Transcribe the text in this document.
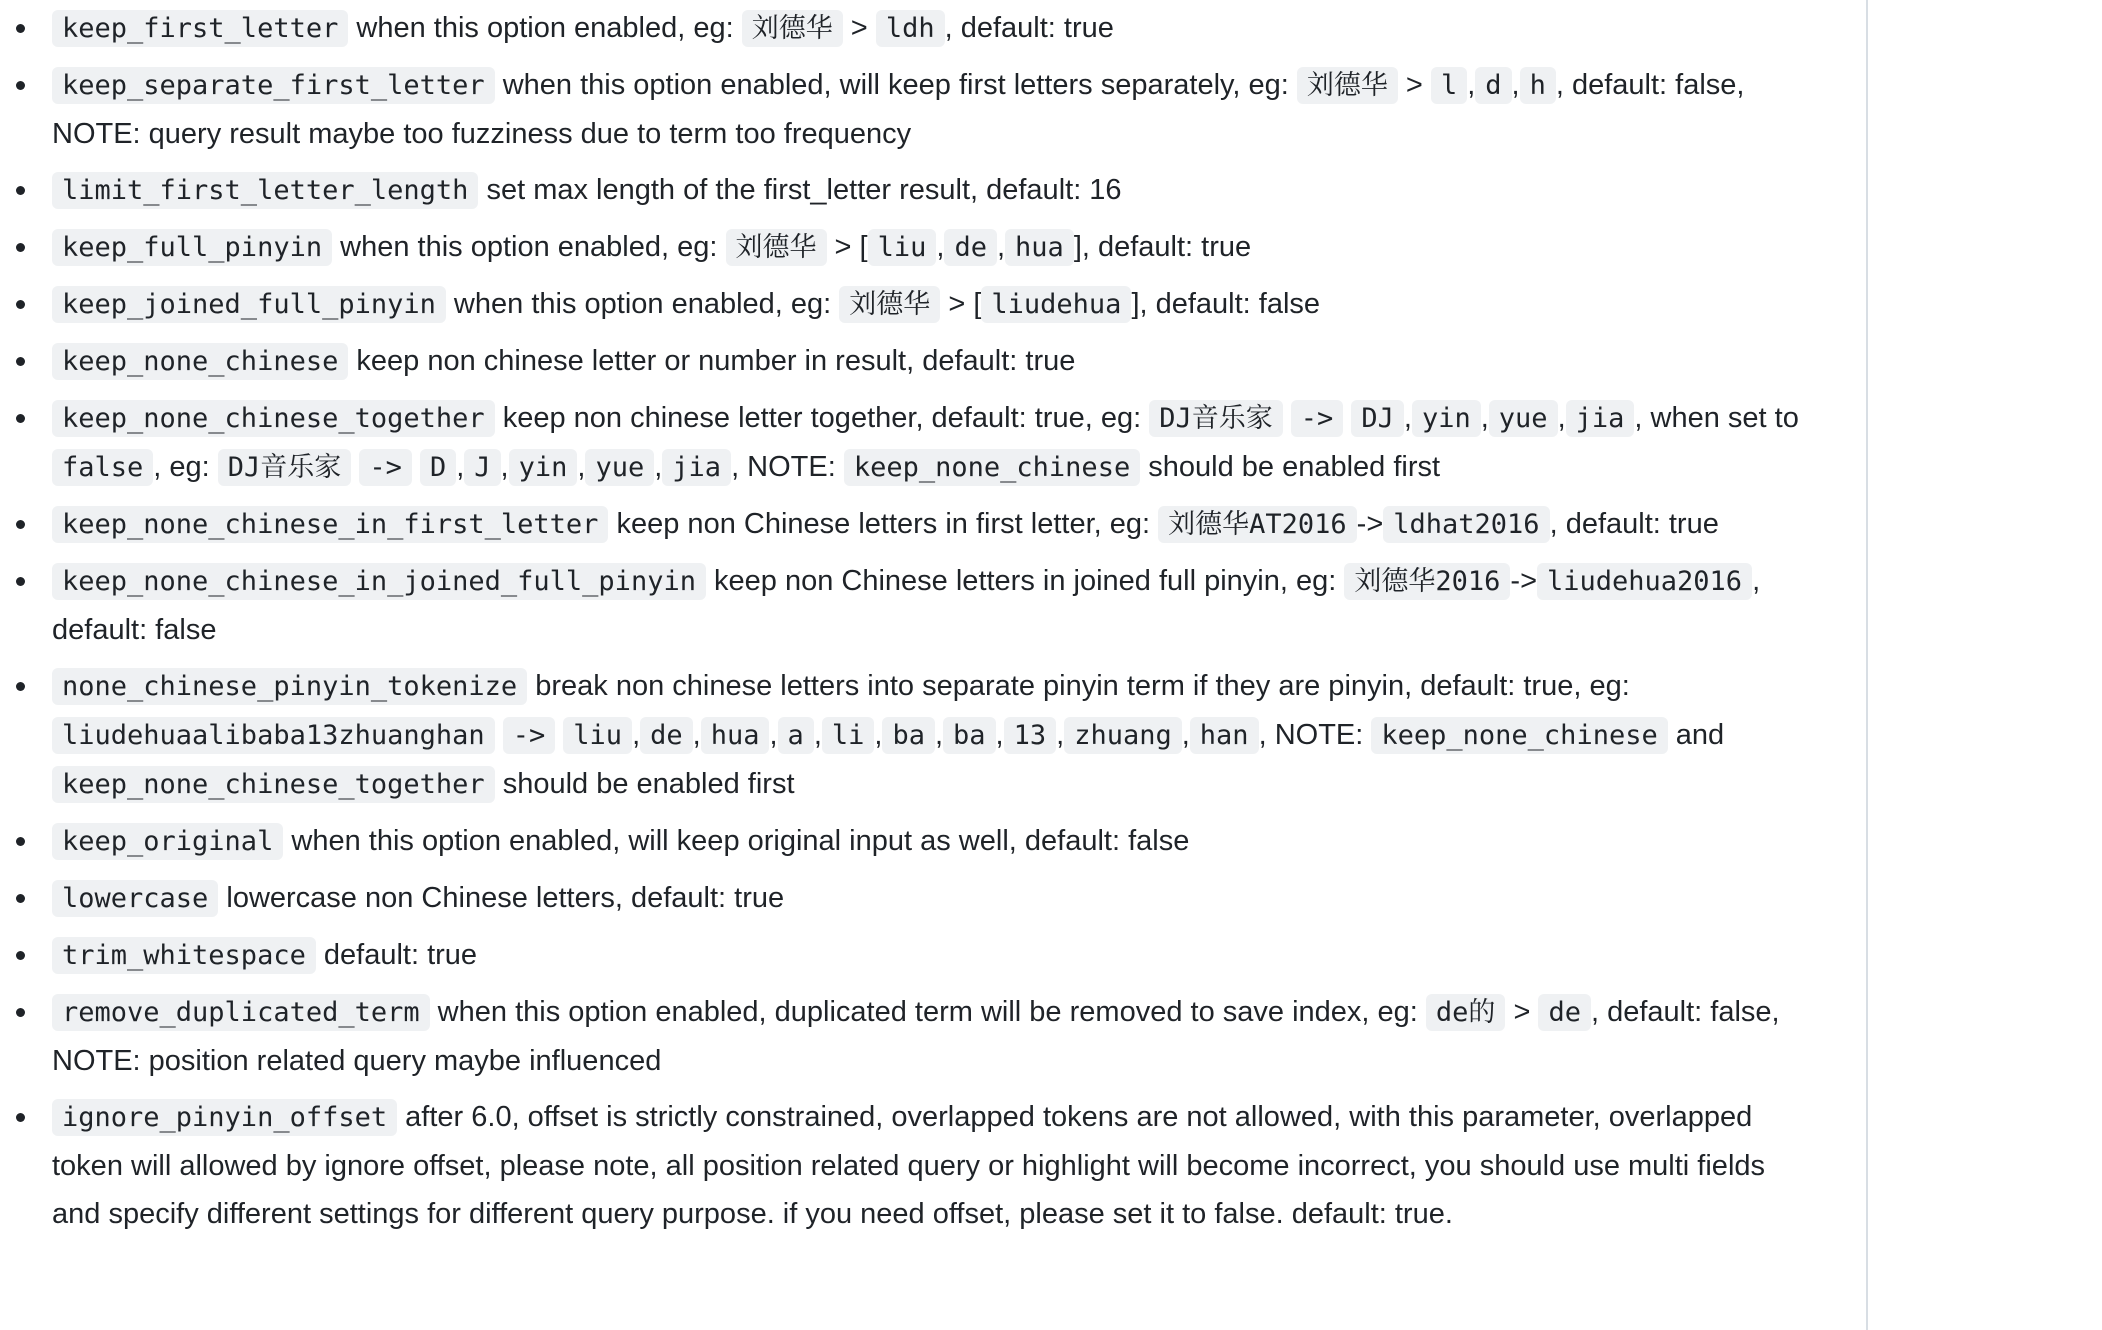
keep_first_letter when this option enabled, eg: 刘德华 > ldh , default: true
keep_separate_first_letter when this option enabled, will keep first letters separately, eg: 刘德华 > l , d , h , default: false, NOTE: query result maybe too fuzziness due to term too frequency
limit_first_letter_length set max length of the first_letter result, default: 16
keep_full_pinyin when this option enabled, eg: 刘德华 > [ liu , de , hua ], default: true
keep_joined_full_pinyin when this option enabled, eg: 刘德华 > [ liudehua ], default: false
keep_none_chinese keep non chinese letter or number in result, default: true
keep_none_chinese_together keep non chinese letter together, default: true, eg: DJ音乐家 -> DJ , yin , yue , jia , when set to false , eg: DJ音乐家 -> D , J , yin , yue , jia , NOTE: keep_none_chinese should be enabled first
keep_none_chinese_in_first_letter keep non Chinese letters in first letter, eg: 刘德华AT2016 -> ldhat2016 , default: true
keep_none_chinese_in_joined_full_pinyin keep non Chinese letters in joined full pinyin, eg: 刘德华2016 -> liudehua2016 , default: false
none_chinese_pinyin_tokenize break non chinese letters into separate pinyin term if they are pinyin, default: true, eg: liudehuaalibaba13zhuanghan -> liu , de , hua , a , li , ba , ba , 13 , zhuang , han , NOTE: keep_none_chinese and keep_none_chinese_together should be enabled first
keep_original when this option enabled, will keep original input as well, default: false
lowercase lowercase non Chinese letters, default: true
trim_whitespace default: true
remove_duplicated_term when this option enabled, duplicated term will be removed to save index, eg: de的 > de , default: false, NOTE: position related query maybe influenced
ignore_pinyin_offset after 6.0, offset is strictly constrained, overlapped tokens are not allowed, with this parameter, overlapped token will allowed by ignore offset, please note, all position related query or highlight will become incorrect, you should use multi fields and specify different settings for different query purpose. if you need offset, please set it to false. default: true.
